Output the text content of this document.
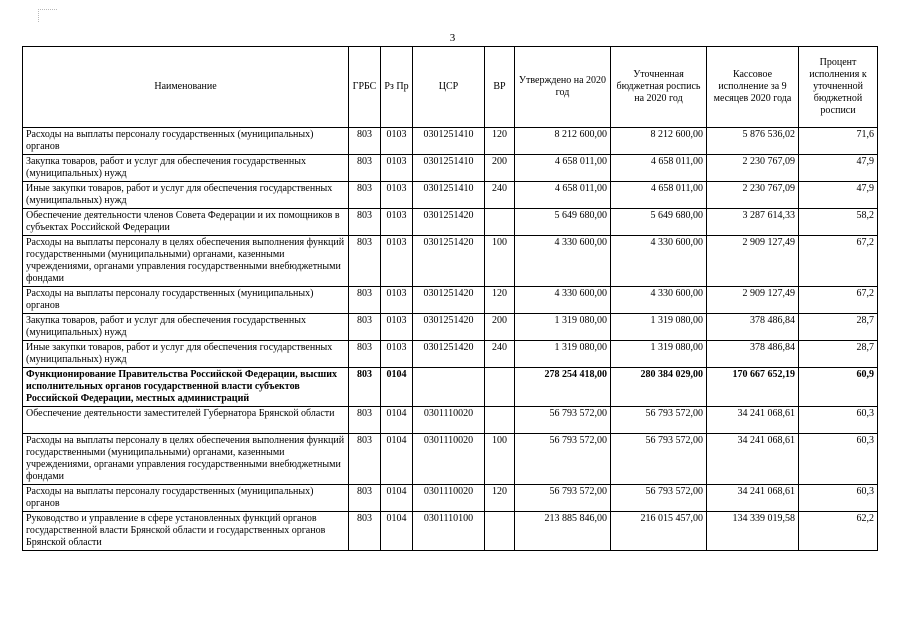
3
Наименование	ГРБС	Рз Пр	ЦСР	ВР	Утверждено на 2020 год	Уточненная бюджетная роспись на 2020 год	Кассовое исполнение за 9 месяцев 2020 года	Процент исполнения к уточненной бюджетной росписи
Расходы на выплаты персоналу государственных (муниципальных) органов	803	0103	0301251410	120	8 212 600,00	8 212 600,00	5 876 536,02	71,6
Закупка товаров, работ и услуг для обеспечения государственных (муниципальных) нужд	803	0103	0301251410	200	4 658 011,00	4 658 011,00	2 230 767,09	47,9
Иные закупки товаров, работ и услуг для обеспечения государственных (муниципальных) нужд	803	0103	0301251410	240	4 658 011,00	4 658 011,00	2 230 767,09	47,9
Обеспечение деятельности членов Совета Федерации и их помощников в субъектах Российской Федерации	803	0103	0301251420		5 649 680,00	5 649 680,00	3 287 614,33	58,2
Расходы на выплаты персоналу в целях обеспечения выполнения функций государственными (муниципальными) органами, казенными учреждениями, органами управления государственными внебюджетными фондами	803	0103	0301251420	100	4 330 600,00	4 330 600,00	2 909 127,49	67,2
Расходы на выплаты персоналу государственных (муниципальных) органов	803	0103	0301251420	120	4 330 600,00	4 330 600,00	2 909 127,49	67,2
Закупка товаров, работ и услуг для обеспечения государственных (муниципальных) нужд	803	0103	0301251420	200	1 319 080,00	1 319 080,00	378 486,84	28,7
Иные закупки товаров, работ и услуг для обеспечения государственных (муниципальных) нужд	803	0103	0301251420	240	1 319 080,00	1 319 080,00	378 486,84	28,7
Функционирование Правительства Российской Федерации, высших исполнительных органов государственной власти субъектов Российской Федерации, местных администраций	803	0104			278 254 418,00	280 384 029,00	170 667 652,19	60,9
Обеспечение деятельности заместителей Губернатора Брянской области	803	0104	0301110020		56 793 572,00	56 793 572,00	34 241 068,61	60,3
Расходы на выплаты персоналу в целях обеспечения выполнения функций государственными (муниципальными) органами, казенными учреждениями, органами управления государственными внебюджетными фондами	803	0104	0301110020	100	56 793 572,00	56 793 572,00	34 241 068,61	60,3
Расходы на выплаты персоналу государственных (муниципальных) органов	803	0104	0301110020	120	56 793 572,00	56 793 572,00	34 241 068,61	60,3
Руководство и управление в сфере установленных функций органов государственной власти Брянской области и государственных органов Брянской области	803	0104	0301110100		213 885 846,00	216 015 457,00	134 339 019,58	62,2
